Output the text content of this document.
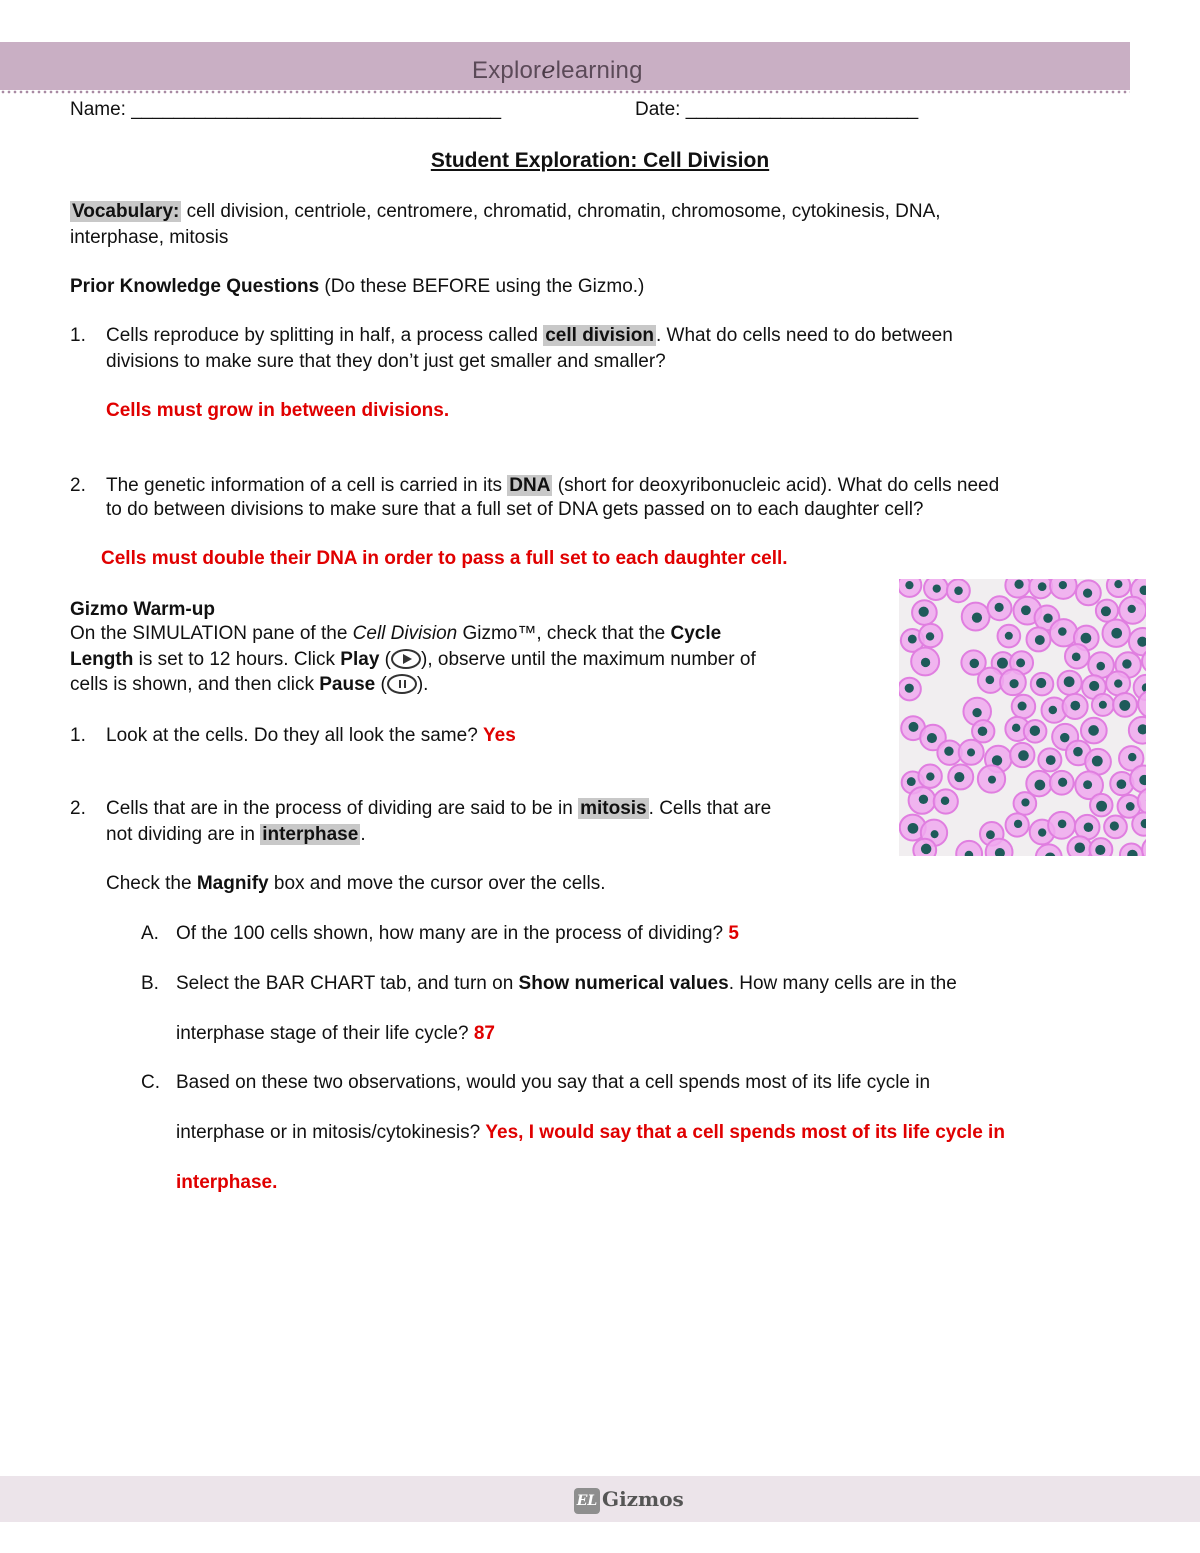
Explorelearning
Name: ___________________________________	Date: ______________________
Student Exploration: Cell Division
Vocabulary: cell division, centriole, centromere, chromatid, chromatin, chromosome, cytokinesis, DNA,
interphase, mitosis
Prior Knowledge Questions (Do these BEFORE using the Gizmo.)
1. Cells reproduce by splitting in half, a process called cell division . What do cells need to do between
divisions to make sure that they don’t just get smaller and smaller?
Cells must grow in between divisions.
2. The genetic information of a cell is carried in its DNA (short for deoxyribonucleic acid). What do cells need
to do between divisions to make sure that a full set of DNA gets passed on to each daughter cell?
Cells must double their DNA in order to pass a full set to each daughter cell.
Gizmo Warm-up
On the SIMULATION pane of the Cell Division Gizmo™, check that the Cycle
Length is set to 12 hours. Click Play ( ), observe until the maximum number of
cells is shown, and then click Pause ( ).
1. Look at the cells. Do they all look the same? Yes
2. Cells that are in the process of dividing are said to be in mitosis . Cells that are
not dividing are in interphase .
Check the Magnify box and move the cursor over the cells.
A. Of the 100 cells shown, how many are in the process of dividing? 5
B. Select the BAR CHART tab, and turn on Show numerical values. How many cells are in the
interphase stage of their life cycle? 87
C. Based on these two observations, would you say that a cell spends most of its life cycle in
interphase or in mitosis/cytokinesis? Yes, I would say that a cell spends most of its life cycle in
interphase.
EL Gizmos
